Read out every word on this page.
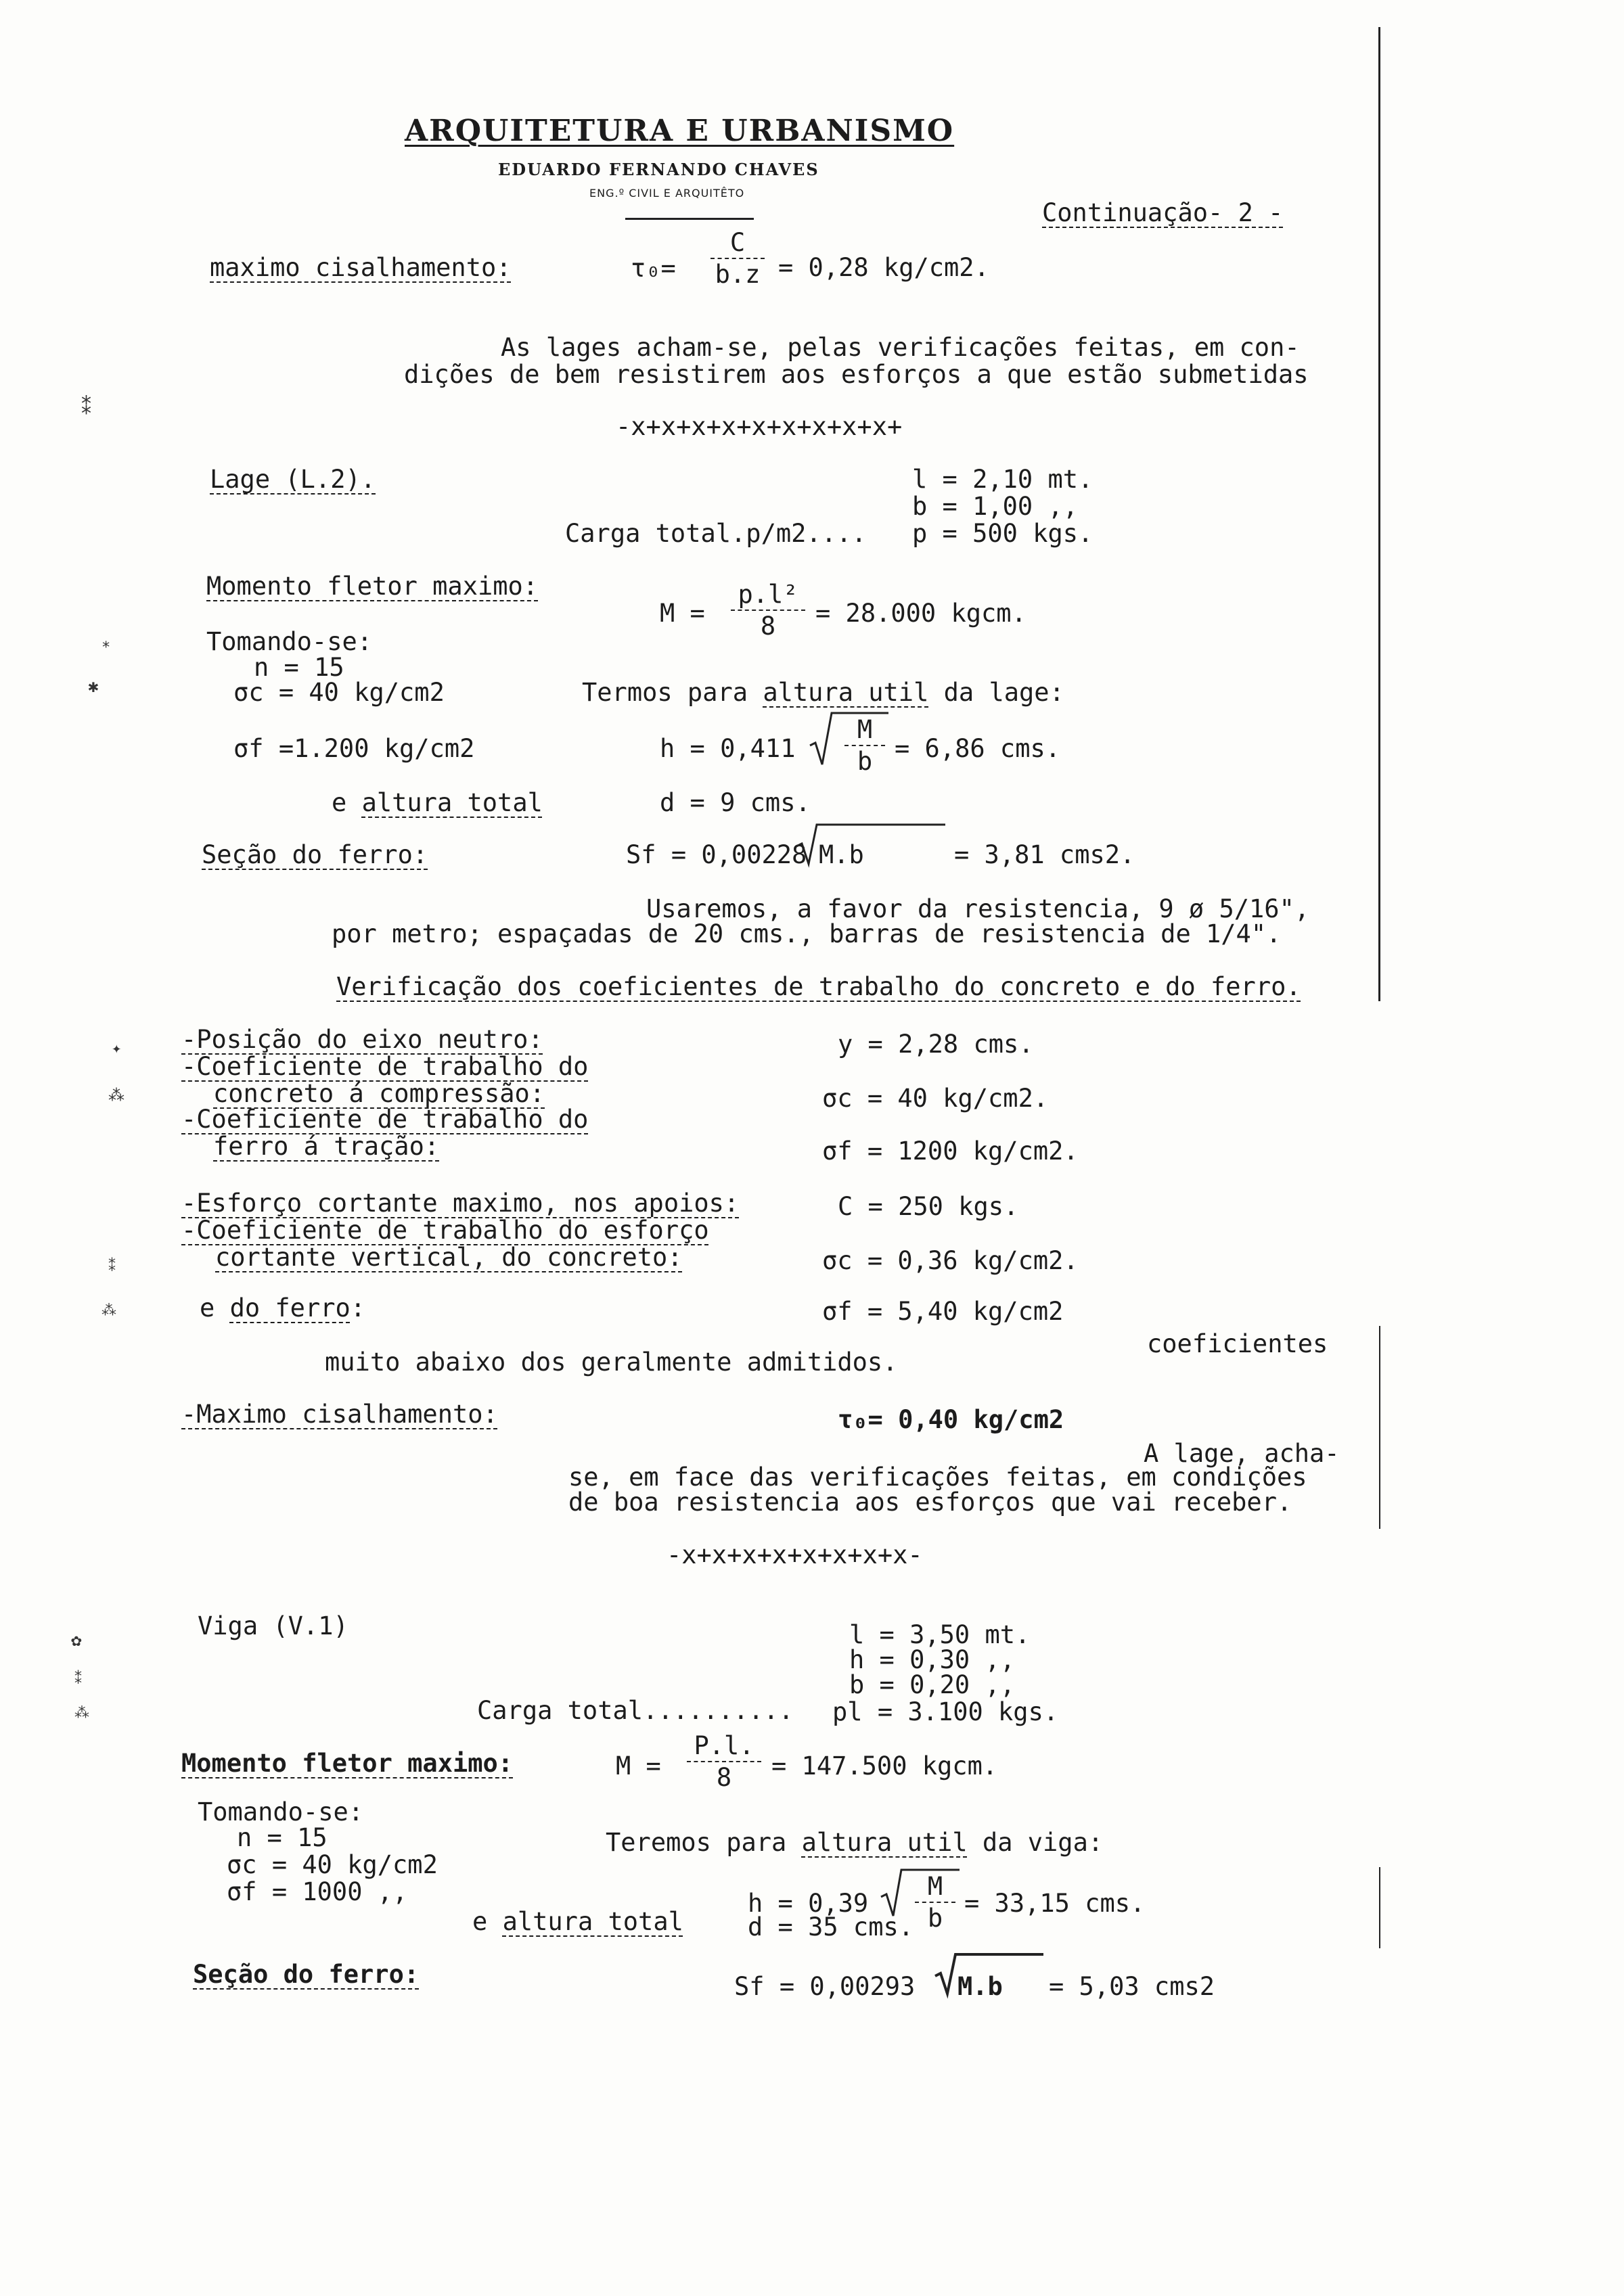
ARQUITETURA E URBANISMO
EDUARDO FERNANDO CHAVES
ENG.º CIVIL E ARQUITÊTO
Continuação- 2 -
maximo cisalhamento:	τ₀=
C
b.z = 0,28 kg/cm2.
As lages acham-se, pelas verificações feitas, em con-
dições de bem resistirem aos esforços a que estão submetidas
-x+x+x+x+x+x+x+x+x+
Lage (L.2).	l = 2,10 mt.
b = 1,00 ,,
Carga total.p/m2.... p = 500 kgs.
Momento fletor maximo:
M =
p.l²
8	= 28.000 kgcm.
Tomando-se:
n = 15
σc = 40 kg/cm2	Termos para altura util da lage:
σf =1.200 kg/cm2	h = 0,411
M
b = 6,86 cms.
e altura total	d = 9 cms.
Seção do ferro:	Sf = 0,00228 M.b	= 3,81 cms2.
Usaremos, a favor da resistencia, 9 ø 5/16",
por metro; espaçadas de 20 cms., barras de resistencia de 1/4".
Verificação dos coeficientes de trabalho do concreto e do ferro.
-Posição do eixo neutro:	y = 2,28 cms.
-Coeficiente de trabalho do
concreto á compressão:	σc = 40 kg/cm2.
-Coeficiente de trabalho do
ferro á tração:	σf = 1200 kg/cm2.
-Esforço cortante maximo, nos apoios:	C = 250 kgs.
-Coeficiente de trabalho do esforço
cortante vertical, do concreto:	σc = 0,36 kg/cm2.
e do ferro:	σf = 5,40 kg/cm2
coeficientes
muito abaixo dos geralmente admitidos.
-Maximo cisalhamento:	τ₀= 0,40 kg/cm2
A lage, acha-
se, em face das verificações feitas, em condições
de boa resistencia aos esforços que vai receber.
-x+x+x+x+x+x+x+x-
Viga (V.1)	l = 3,50 mt.
h = 0,30 ,,
b = 0,20 ,,
Carga total.......... pl = 3.100 kgs.
Momento fletor maximo:	M =
P.l.
8	= 147.500 kgcm.
Tomando-se:
n = 15
σc = 40 kg/cm2
σf = 1000 ,,
Teremos para altura util da viga:
h = 0,39
M
b
= 33,15 cms.
e altura total	d = 35 cms.
Seção do ferro:	Sf = 0,00293 M.b = 5,03 cms2
⁑
*
✱
✦
⁂
⁑
⁂
✿
⁑
⁂
